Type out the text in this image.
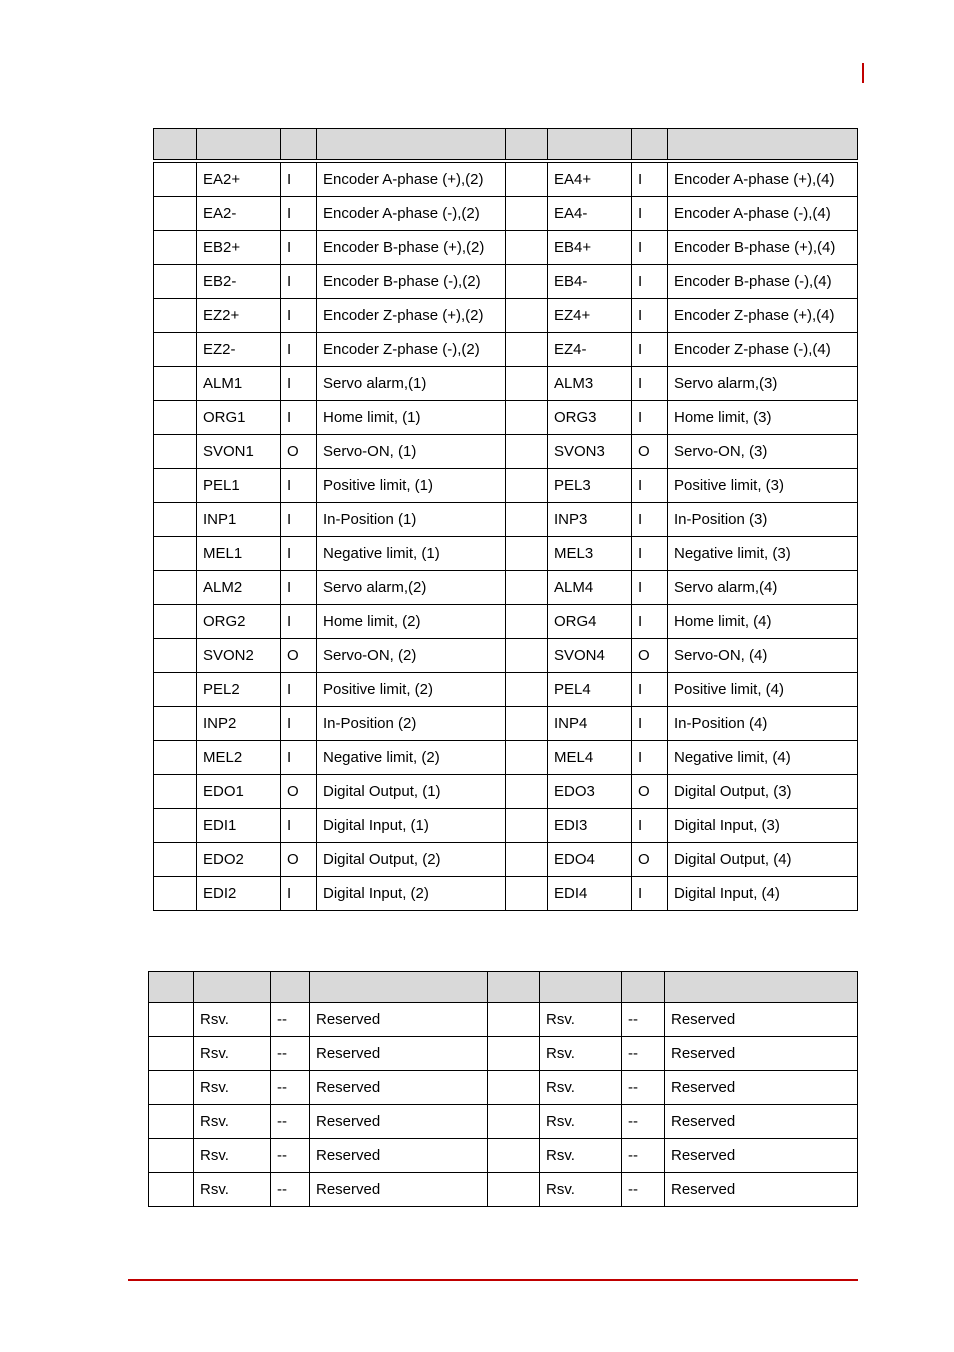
	EA2+	I	Encoder A-phase (+),(2)		EA4+	I	Encoder A-phase (+),(4)
	EA2-	I	Encoder A-phase (-),(2)		EA4-	I	Encoder A-phase (-),(4)
	EB2+	I	Encoder B-phase (+),(2)		EB4+	I	Encoder B-phase (+),(4)
	EB2-	I	Encoder B-phase (-),(2)		EB4-	I	Encoder B-phase (-),(4)
	EZ2+	I	Encoder Z-phase (+),(2)		EZ4+	I	Encoder Z-phase (+),(4)
	EZ2-	I	Encoder Z-phase (-),(2)		EZ4-	I	Encoder Z-phase (-),(4)
	ALM1	I	Servo alarm,(1)		ALM3	I	Servo alarm,(3)
	ORG1	I	Home limit, (1)		ORG3	I	Home limit, (3)
	SVON1	O	Servo-ON, (1)		SVON3	O	Servo-ON, (3)
	PEL1	I	Positive limit, (1)		PEL3	I	Positive limit, (3)
	INP1	I	In-Position (1)		INP3	I	In-Position (3)
	MEL1	I	Negative limit, (1)		MEL3	I	Negative limit, (3)
	ALM2	I	Servo alarm,(2)		ALM4	I	Servo alarm,(4)
	ORG2	I	Home limit, (2)		ORG4	I	Home limit, (4)
	SVON2	O	Servo-ON, (2)		SVON4	O	Servo-ON, (4)
	PEL2	I	Positive limit, (2)		PEL4	I	Positive limit, (4)
	INP2	I	In-Position (2)		INP4	I	In-Position (4)
	MEL2	I	Negative limit, (2)		MEL4	I	Negative limit, (4)
	EDO1	O	Digital Output, (1)		EDO3	O	Digital Output, (3)
	EDI1	I	Digital Input, (1)		EDI3	I	Digital Input, (3)
	EDO2	O	Digital Output, (2)		EDO4	O	Digital Output, (4)
	EDI2	I	Digital Input, (2)		EDI4	I	Digital Input, (4)

	Rsv.	--	Reserved		Rsv.	--	Reserved
	Rsv.	--	Reserved		Rsv.	--	Reserved
	Rsv.	--	Reserved		Rsv.	--	Reserved
	Rsv.	--	Reserved		Rsv.	--	Reserved
	Rsv.	--	Reserved		Rsv.	--	Reserved
	Rsv.	--	Reserved		Rsv.	--	Reserved
